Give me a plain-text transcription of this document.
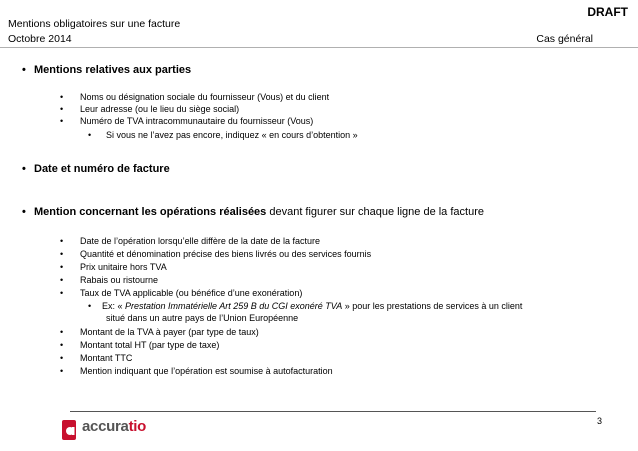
DRAFT
Mentions obligatoires sur une facture
Octobre 2014	Cas général
• Mentions relatives aux parties
• Noms ou désignation sociale du fournisseur (Vous) et du client
• Leur adresse (ou le lieu du siège social)
• Numéro de TVA intracommunautaire du fournisseur (Vous)
• Si vous ne l’avez pas encore, indiquez « en cours d’obtention »
• Date et numéro de facture
• Mention concernant les opérations réalisées devant figurer sur chaque ligne de la facture
• Date de l’opération lorsqu’elle diffère de la date de la facture
• Quantité et dénomination précise des biens livrés ou des services fournis
• Prix unitaire hors TVA
• Rabais ou ristourne
• Taux de TVA applicable (ou bénéfice d’une exonération)
• Ex: « Prestation Immatérielle Art 259 B du CGI exonéré TVA » pour les prestations de services à un client
situé dans un autre pays de l’Union Européenne
• Montant de la TVA à payer (par type de taux)
• Montant total HT (par type de taxe)
• Montant TTC
• Mention indiquant que l’opération est soumise à autofacturation
3
accuratio
